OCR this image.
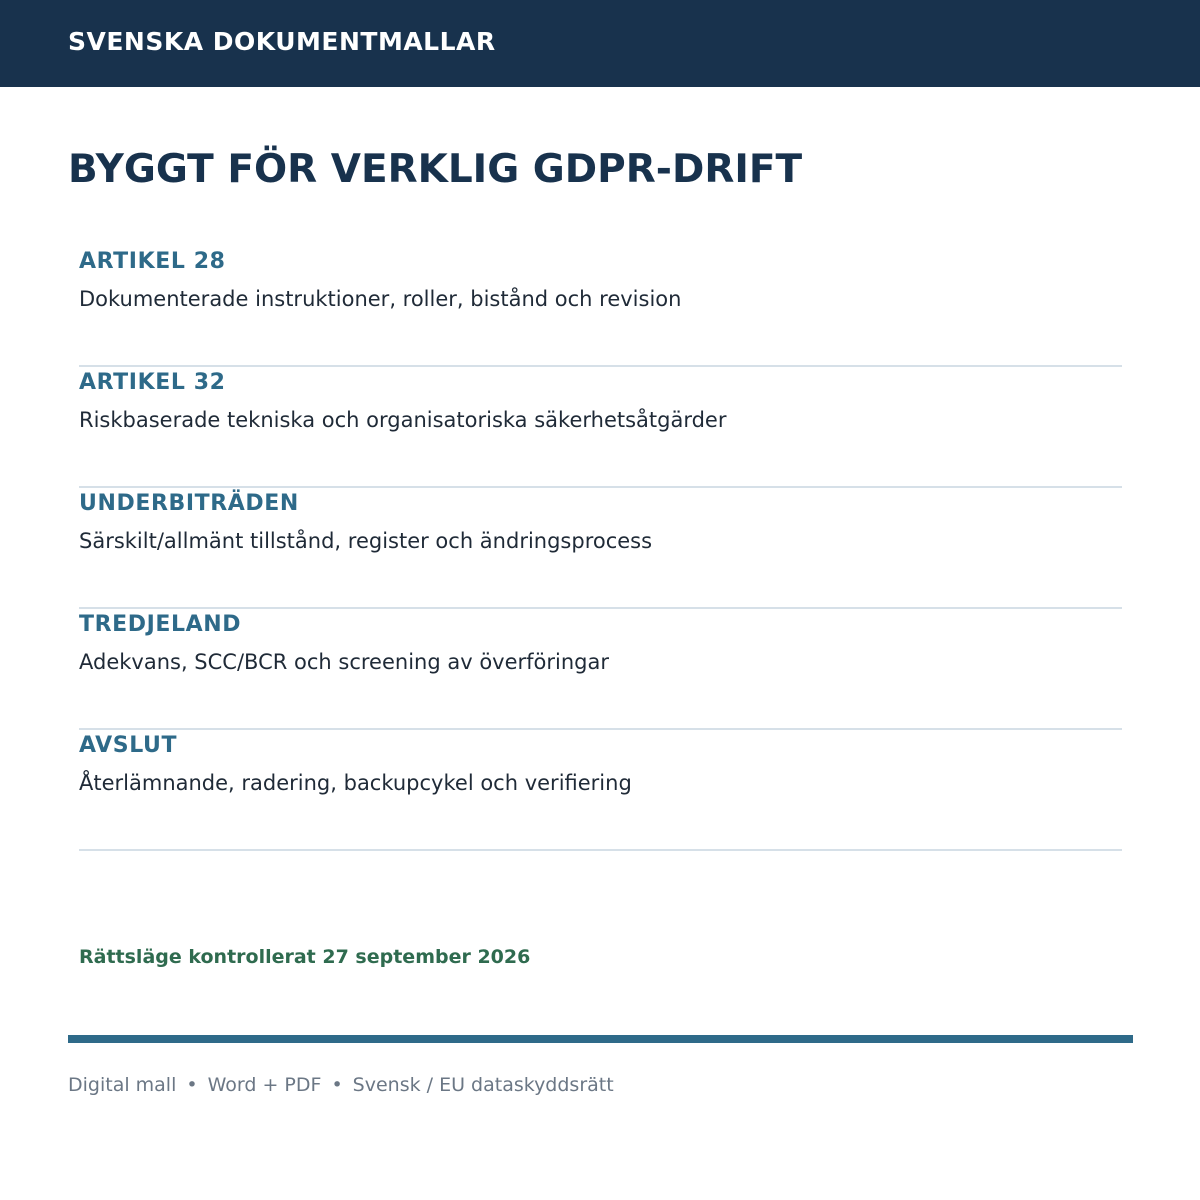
SVENSKA DOKUMENTMALLAR
BYGGT FÖR VERKLIG GDPR-DRIFT
ARTIKEL 28
Dokumenterade instruktioner, roller, bistånd och revision
ARTIKEL 32
Riskbaserade tekniska och organisatoriska säkerhetsåtgärder
UNDERBITRÄDEN
Särskilt/allmänt tillstånd, register och ändringsprocess
TREDJELAND
Adekvans, SCC/BCR och screening av överföringar
AVSLUT
Återlämnande, radering, backupcykel och verifiering
Rättsläge kontrollerat 27 september 2026
Digital mall • Word + PDF • Svensk / EU dataskyddsrätt
